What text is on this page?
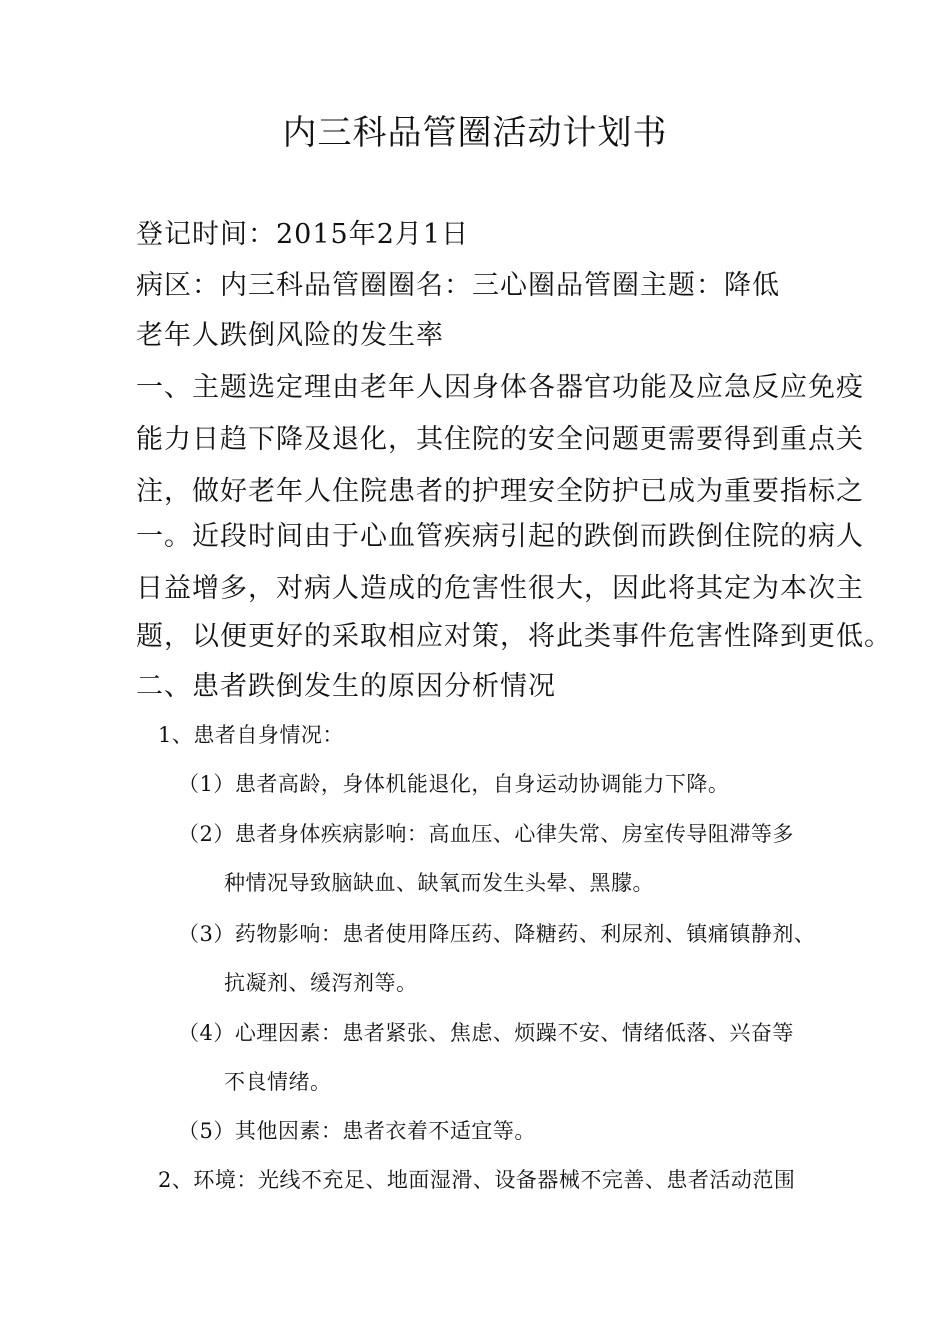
内三科品管圈活动计划书
登记时间：2015年2月1日
病区：内三科品管圈圈名：三心圈品管圈主题：降低
老年人跌倒风险的发生率
一、主题选定理由老年人因身体各器官功能及应急反应免疫
能力日趋下降及退化，其住院的安全问题更需要得到重点关
注，做好老年人住院患者的护理安全防护已成为重要指标之
一。近段时间由于心血管疾病引起的跌倒而跌倒住院的病人
日益增多，对病人造成的危害性很大，因此将其定为本次主
题，以便更好的采取相应对策，将此类事件危害性降到更低。
二、患者跌倒发生的原因分析情况
1、患者自身情况：
（1）患者高龄，身体机能退化，自身运动协调能力下降。
（2）患者身体疾病影响：高血压、心律失常、房室传导阻滞等多
种情况导致脑缺血、缺氧而发生头晕、黑朦。
（3）药物影响：患者使用降压药、降糖药、利尿剂、镇痛镇静剂、
抗凝剂、缓泻剂等。
（4）心理因素：患者紧张、焦虑、烦躁不安、情绪低落、兴奋等
不良情绪。
（5）其他因素：患者衣着不适宜等。
2、环境：光线不充足、地面湿滑、设备器械不完善、患者活动范围
